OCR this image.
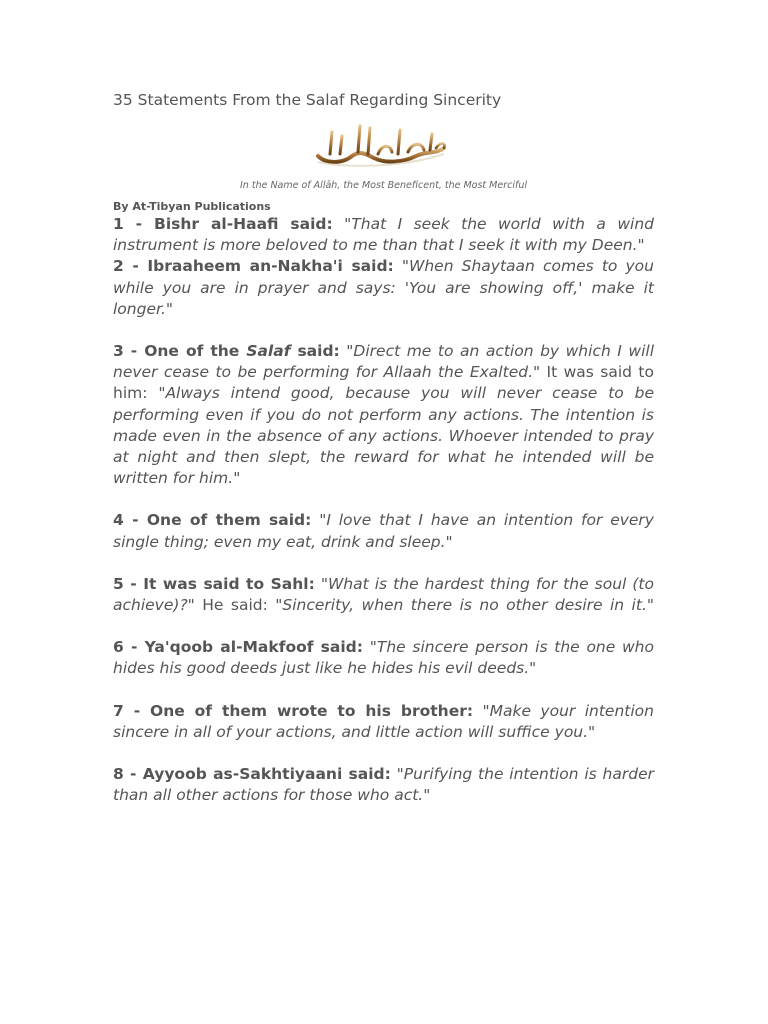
35 Statements From the Salaf Regarding Sincerity
In the Name of Allāh, the Most Beneficent, the Most Merciful
By At-Tibyan Publications

1 - Bishr al-Haafi said: "That I seek the world with a wind instrument is more beloved to me than that I seek it with my Deen."

2 - Ibraaheem an-Nakha'i said: "When Shaytaan comes to you while you are in prayer and says: 'You are showing off,' make it longer."

3 - One of the Salaf said: "Direct me to an action by which I will never cease to be performing for Allaah the Exalted." It was said to him: "Always intend good, because you will never cease to be performing even if you do not perform any actions. The intention is made even in the absence of any actions. Whoever intended to pray at night and then slept, the reward for what he intended will be written for him."

4 - One of them said: "I love that I have an intention for every single thing; even my eat, drink and sleep."

5 - It was said to Sahl: "What is the hardest thing for the soul (to achieve)?" He said: "Sincerity, when there is no other desire in it."

6 - Ya'qoob al-Makfoof said: "The sincere person is the one who hides his good deeds just like he hides his evil deeds."

7 - One of them wrote to his brother: "Make your intention sincere in all of your actions, and little action will suffice you."

8 - Ayyoob as-Sakhtiyaani said: "Purifying the intention is harder than all other actions for those who act."
